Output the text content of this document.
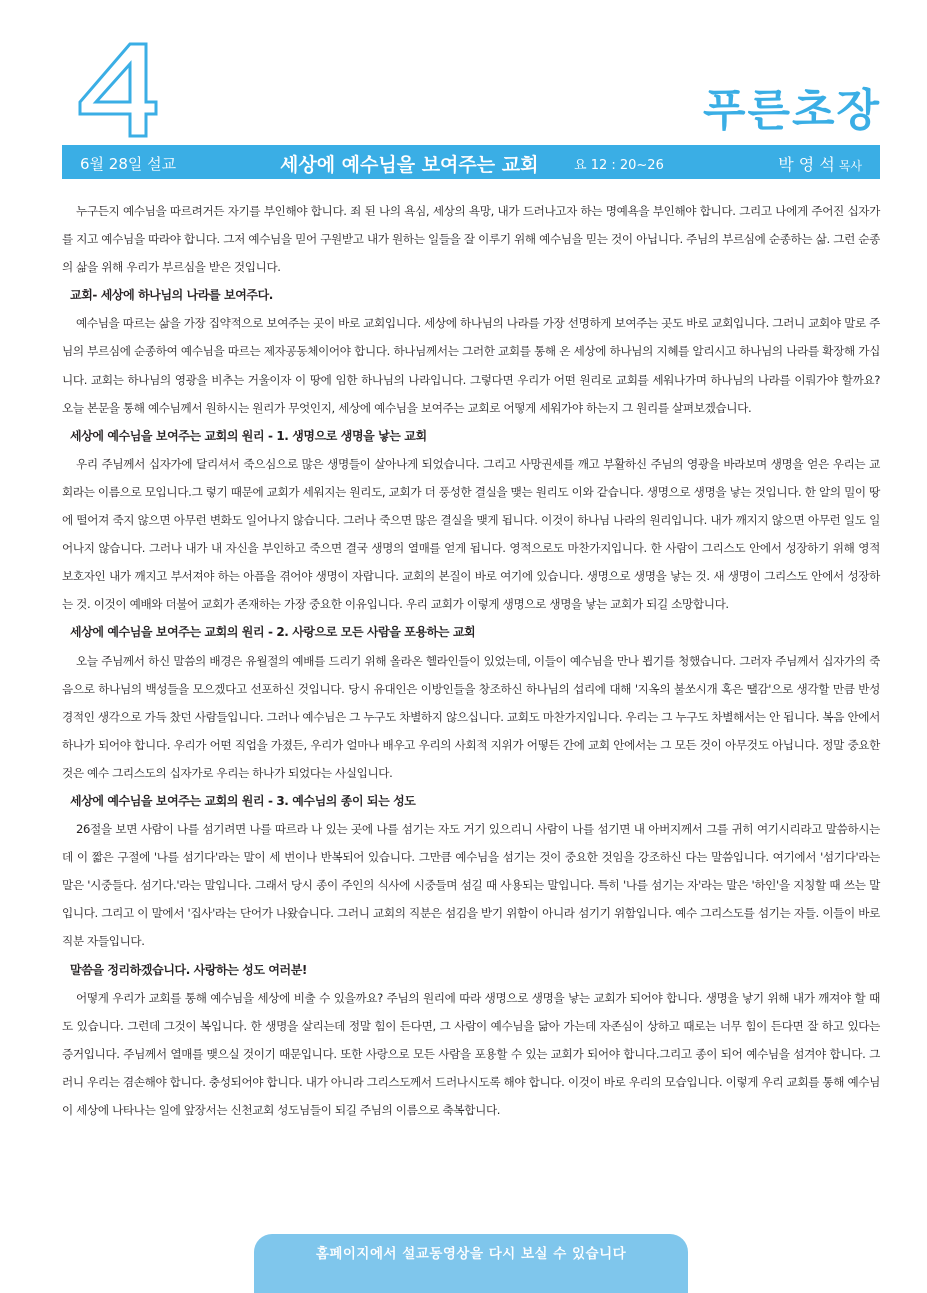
푸른초장
6월 28일 설교	세상에 예수님을 보여주는 교회	요 12 : 20~26	박 영 석 목사

누구든지 예수님을 따르려거든 자기를 부인해야 합니다. 죄 된 나의 욕심, 세상의 욕망, 내가 드러나고자 하는 명예욕을 부인해야 합니다. 그리고 나에게 주어진 십자가를 지고 예수님을 따라야 합니다. 그저 예수님을 믿어 구원받고 내가 원하는 일들을 잘 이루기 위해 예수님을 믿는 것이 아닙니다. 주님의 부르심에 순종하는 삶. 그런 순종의 삶을 위해 우리가 부르심을 받은 것입니다.

교회- 세상에 하나님의 나라를 보여주다.

예수님을 따르는 삶을 가장 집약적으로 보여주는 곳이 바로 교회입니다. 세상에 하나님의 나라를 가장 선명하게 보여주는 곳도 바로 교회입니다. 그러니 교회야 말로 주님의 부르심에 순종하여 예수님을 따르는 제자공동체이어야 합니다. 하나님께서는 그러한 교회를 통해 온 세상에 하나님의 지혜를 알리시고 하나님의 나라를 확장해 가십니다. 교회는 하나님의 영광을 비추는 거울이자 이 땅에 임한 하나님의 나라입니다. 그렇다면 우리가 어떤 원리로 교회를 세워나가며 하나님의 나라를 이뤄가야 할까요? 오늘 본문을 통해 예수님께서 원하시는 원리가 무엇인지, 세상에 예수님을 보여주는 교회로 어떻게 세워가야 하는지 그 원리를 살펴보겠습니다.

세상에 예수님을 보여주는 교회의 원리 - 1. 생명으로 생명을 낳는 교회

우리 주님께서 십자가에 달리셔서 죽으심으로 많은 생명들이 살아나게 되었습니다. 그리고 사망권세를 깨고 부활하신 주님의 영광을 바라보며 생명을 얻은 우리는 교회라는 이름으로 모입니다.그 렇기 때문에 교회가 세워지는 원리도, 교회가 더 풍성한 결실을 맺는 원리도 이와 같습니다. 생명으로 생명을 낳는 것입니다. 한 알의 밀이 땅에 떨어져 죽지 않으면 아무런 변화도 일어나지 않습니다. 그러나 죽으면 많은 결실을 맺게 됩니다. 이것이 하나님 나라의 원리입니다. 내가 깨지지 않으면 아무런 일도 일어나지 않습니다. 그러나 내가 내 자신을 부인하고 죽으면 결국 생명의 열매를 얻게 됩니다. 영적으로도 마찬가지입니다. 한 사람이 그리스도 안에서 성장하기 위해 영적 보호자인 내가 깨지고 부서져야 하는 아픔을 겪어야 생명이 자랍니다. 교회의 본질이 바로 여기에 있습니다. 생명으로 생명을 낳는 것. 새 생명이 그리스도 안에서 성장하는 것. 이것이 예배와 더불어 교회가 존재하는 가장 중요한 이유입니다. 우리 교회가 이렇게 생명으로 생명을 낳는 교회가 되길 소망합니다.

세상에 예수님을 보여주는 교회의 원리 - 2. 사랑으로 모든 사람을 포용하는 교회

오늘 주님께서 하신 말씀의 배경은 유월절의 예배를 드리기 위해 올라온 헬라인들이 있었는데, 이들이 예수님을 만나 뵙기를 청했습니다. 그러자 주님께서 십자가의 죽음으로 하나님의 백성들을 모으겠다고 선포하신 것입니다. 당시 유대인은 이방인들을 창조하신 하나님의 섭리에 대해 '지옥의 불쏘시개 혹은 땔감'으로 생각할 만큼 반성경적인 생각으로 가득 찼던 사람들입니다. 그러나 예수님은 그 누구도 차별하지 않으십니다. 교회도 마찬가지입니다. 우리는 그 누구도 차별해서는 안 됩니다. 복음 안에서 하나가 되어야 합니다. 우리가 어떤 직업을 가졌든, 우리가 얼마나 배우고 우리의 사회적 지위가 어떻든 간에 교회 안에서는 그 모든 것이 아무것도 아닙니다. 정말 중요한 것은 예수 그리스도의 십자가로 우리는 하나가 되었다는 사실입니다.

세상에 예수님을 보여주는 교회의 원리 - 3. 예수님의 종이 되는 성도

26절을 보면 사람이 나를 섬기려면 나를 따르라 나 있는 곳에 나를 섬기는 자도 거기 있으리니 사람이 나를 섬기면 내 아버지께서 그를 귀히 여기시리라고 말씀하시는데 이 짧은 구절에 '나를 섬기다'라는 말이 세 번이나 반복되어 있습니다. 그만큼 예수님을 섬기는 것이 중요한 것임을 강조하신 다는 말씀입니다. 여기에서 '섬기다'라는 말은 '시중들다. 섬기다.'라는 말입니다. 그래서 당시 종이 주인의 식사에 시중들며 섬길 때 사용되는 말입니다. 특히 '나를 섬기는 자'라는 말은 '하인'을 지칭할 때 쓰는 말입니다. 그리고 이 말에서 '집사'라는 단어가 나왔습니다. 그러니 교회의 직분은 섬김을 받기 위함이 아니라 섬기기 위함입니다. 예수 그리스도를 섬기는 자들. 이들이 바로 직분 자들입니다.

말씀을 정리하겠습니다. 사랑하는 성도 여러분!

어떻게 우리가 교회를 통해 예수님을 세상에 비출 수 있을까요? 주님의 원리에 따라 생명으로 생명을 낳는 교회가 되어야 합니다. 생명을 낳기 위해 내가 깨져야 할 때도 있습니다. 그런데 그것이 복입니다. 한 생명을 살리는데 정말 힘이 든다면, 그 사람이 예수님을 닮아 가는데 자존심이 상하고 때로는 너무 힘이 든다면 잘 하고 있다는 증거입니다. 주님께서 열매를 맺으실 것이기 때문입니다. 또한 사랑으로 모든 사람을 포용할 수 있는 교회가 되어야 합니다.그리고 종이 되어 예수님을 섬겨야 합니다. 그러니 우리는 겸손해야 합니다. 충성되어야 합니다. 내가 아니라 그리스도께서 드러나시도록 해야 합니다. 이것이 바로 우리의 모습입니다. 이렇게 우리 교회를 통해 예수님이 세상에 나타나는 일에 앞장서는 신천교회 성도님들이 되길 주님의 이름으로 축복합니다.

홈페이지에서 설교동영상을 다시 보실 수 있습니다
